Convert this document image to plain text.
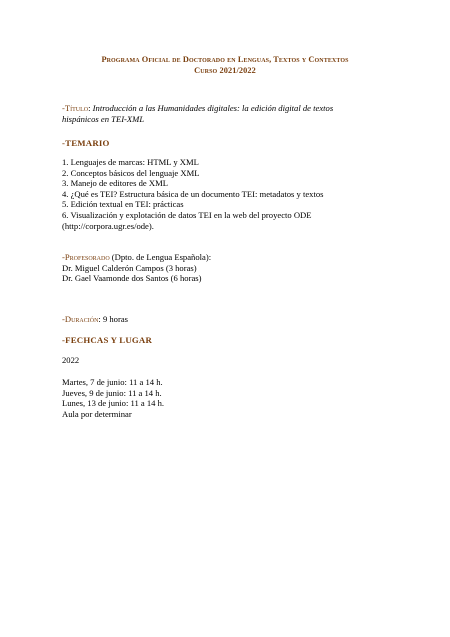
Programa Oficial de Doctorado en Lenguas, Textos y Contextos
Curso 2021/2022
-Título: Introducción a las Humanidades digitales: la edición digital de textos
hispánicos en TEI-XML
-TEMARIO
1. Lenguajes de marcas: HTML y XML
2. Conceptos básicos del lenguaje XML
3. Manejo de editores de XML
4. ¿Qué es TEI? Estructura básica de un documento TEI: metadatos y textos
5. Edición textual en TEI: prácticas
6. Visualización y explotación de datos TEI en la web del proyecto ODE
(http://corpora.ugr.es/ode).
-Profesorado (Dpto. de Lengua Española):
Dr. Miguel Calderón Campos (3 horas)
Dr. Gael Vaamonde dos Santos (6 horas)
-Duración: 9 horas
-FECHCAS Y LUGAR
2022
Martes, 7 de junio: 11 a 14 h.
Jueves, 9 de junio: 11 a 14 h.
Lunes, 13 de junio: 11 a 14 h.
Aula por determinar
